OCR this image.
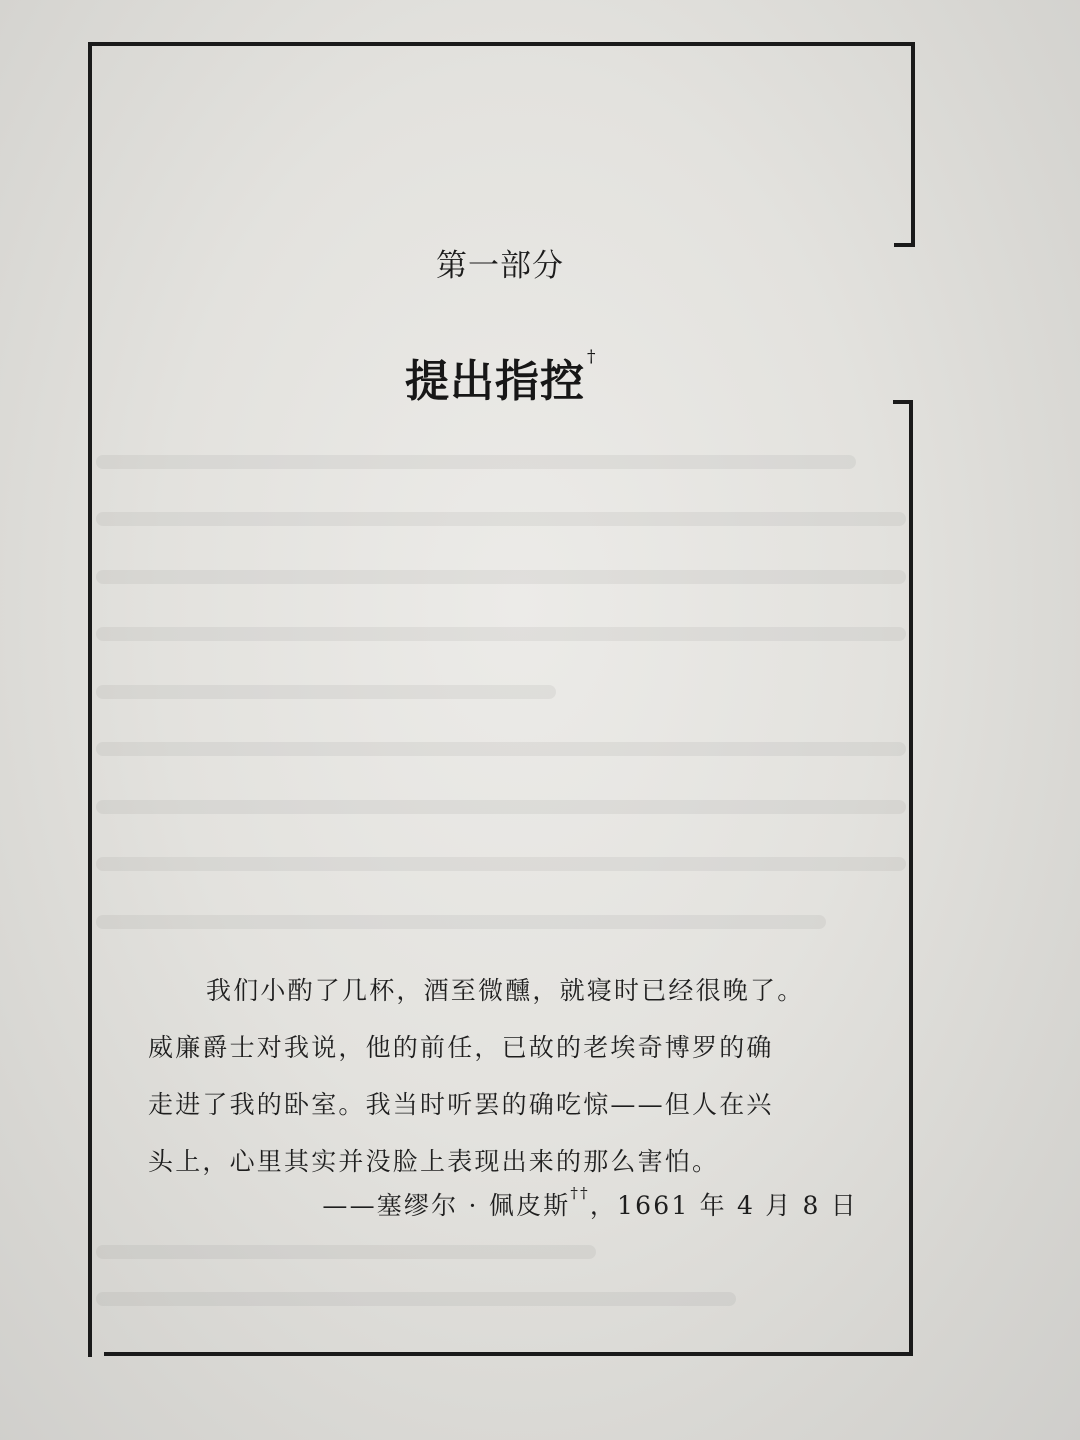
第一部分
提出指控 †
我们小酌了几杯，酒至微醺，就寝时已经很晚了。
威廉爵士对我说，他的前任，已故的老埃奇博罗的确
走进了我的卧室。我当时听罢的确吃惊——但人在兴
头上，心里其实并没脸上表现出来的那么害怕。
——塞缪尔 · 佩皮斯††，1661 年 4 月 8 日
